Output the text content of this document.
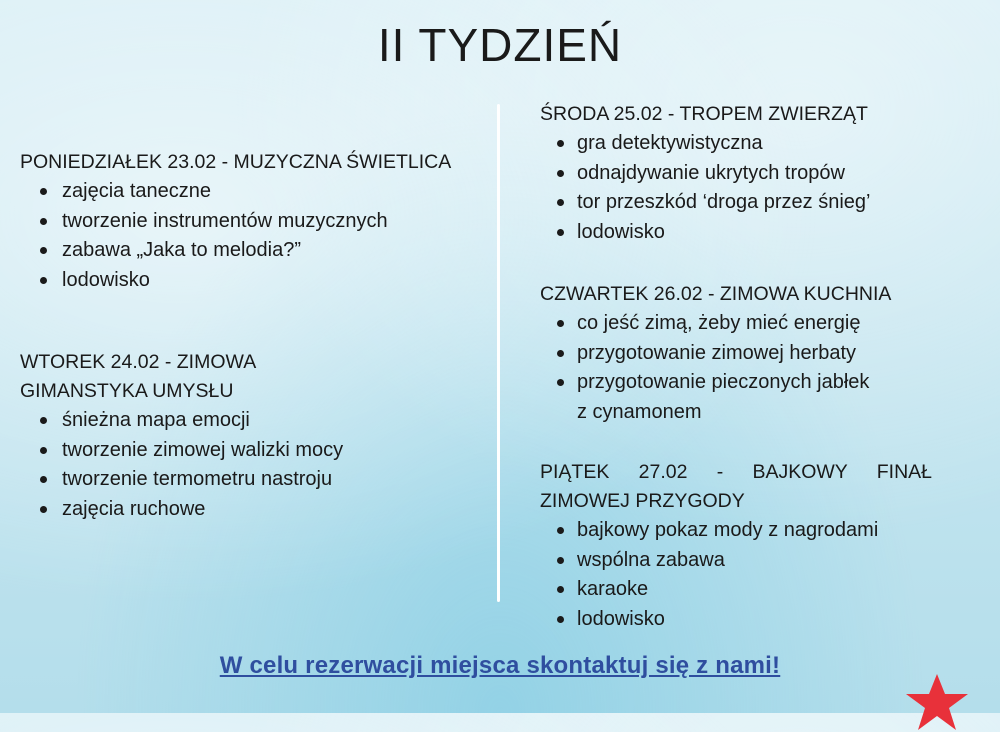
II TYDZIEŃ
PONIEDZIAŁEK 23.02 - MUZYCZNA ŚWIETLICA
zajęcia taneczne
tworzenie instrumentów muzycznych
zabawa „Jaka to melodia?”
lodowisko
WTOREK 24.02 - ZIMOWA
GIMANSTYKA UMYSŁU
śnieżna mapa emocji
tworzenie zimowej walizki mocy
tworzenie termometru nastroju
zajęcia ruchowe
ŚRODA 25.02 - TROPEM ZWIERZĄT
gra detektywistyczna
odnajdywanie ukrytych tropów
tor przeszkód ‘droga przez śnieg’
lodowisko
CZWARTEK 26.02 - ZIMOWA KUCHNIA
co jeść zimą, żeby mieć energię
przygotowanie zimowej herbaty
przygotowanie pieczonych jabłek
z cynamonem
PIĄTEK 27.02 - BAJKOWY FINAŁ
ZIMOWEJ PRZYGODY
bajkowy pokaz mody z nagrodami
wspólna zabawa
karaoke
lodowisko
W celu rezerwacji miejsca skontaktuj się z nami!
